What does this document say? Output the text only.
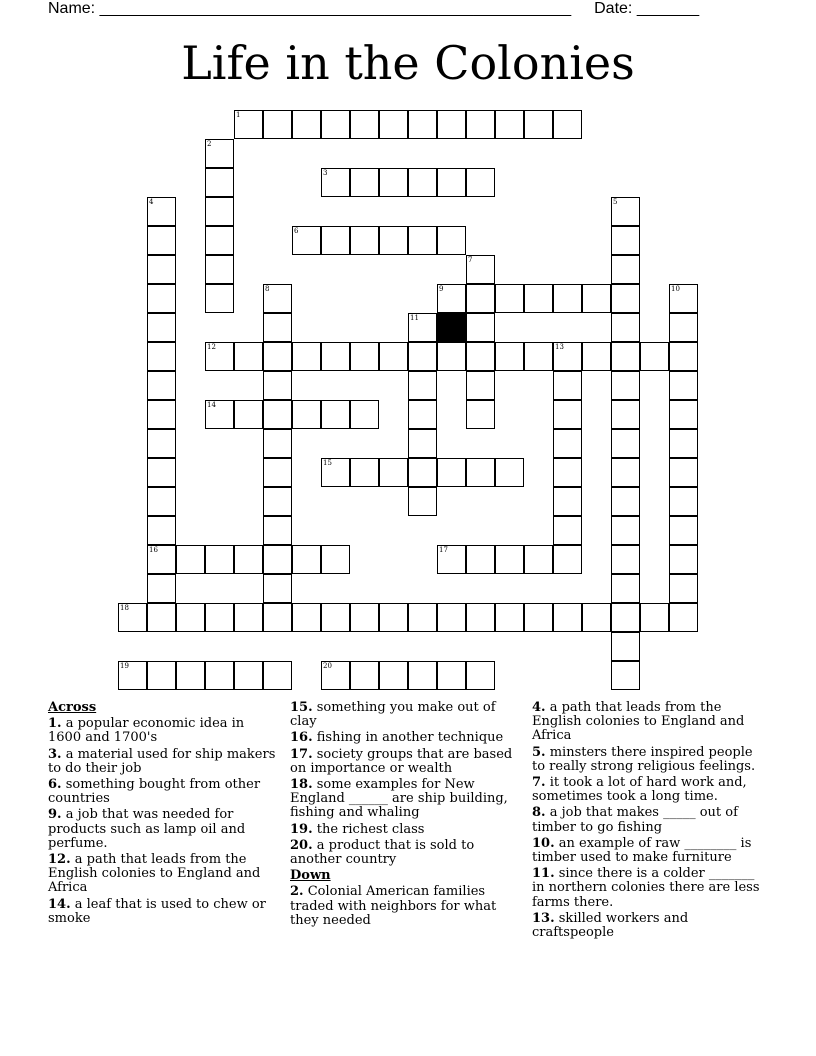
Name: _____________________________________________________ Date: _______
Life in the Colonies
1
2
3
4
16
5
6
7
8	9	10
11
12	13
14
15
17
18
19	20
Across
1. a popular economic idea in 1600 and 1700's
3. a material used for ship makers to do their job
6. something bought from other countries
9. a job that was needed for products such as lamp oil and perfume.
12. a path that leads from the English colonies to England and Africa
14. a leaf that is used to chew or smoke
15. something you make out of clay
16. fishing in another technique
17. society groups that are based on importance or wealth
18. some examples for New England ______ are ship building, fishing and whaling
19. the richest class
20. a product that is sold to another country
Down
2. Colonial American families traded with neighbors for what they needed
4. a path that leads from the English colonies to England and Africa
5. minsters there inspired people to really strong religious feelings.
7. it took a lot of hard work and, sometimes took a long time.
8. a job that makes _____ out of timber to go fishing
10. an example of raw ________ is timber used to make furniture
11. since there is a colder _______ in northern colonies there are less farms there.
13. skilled workers and craftspeople
